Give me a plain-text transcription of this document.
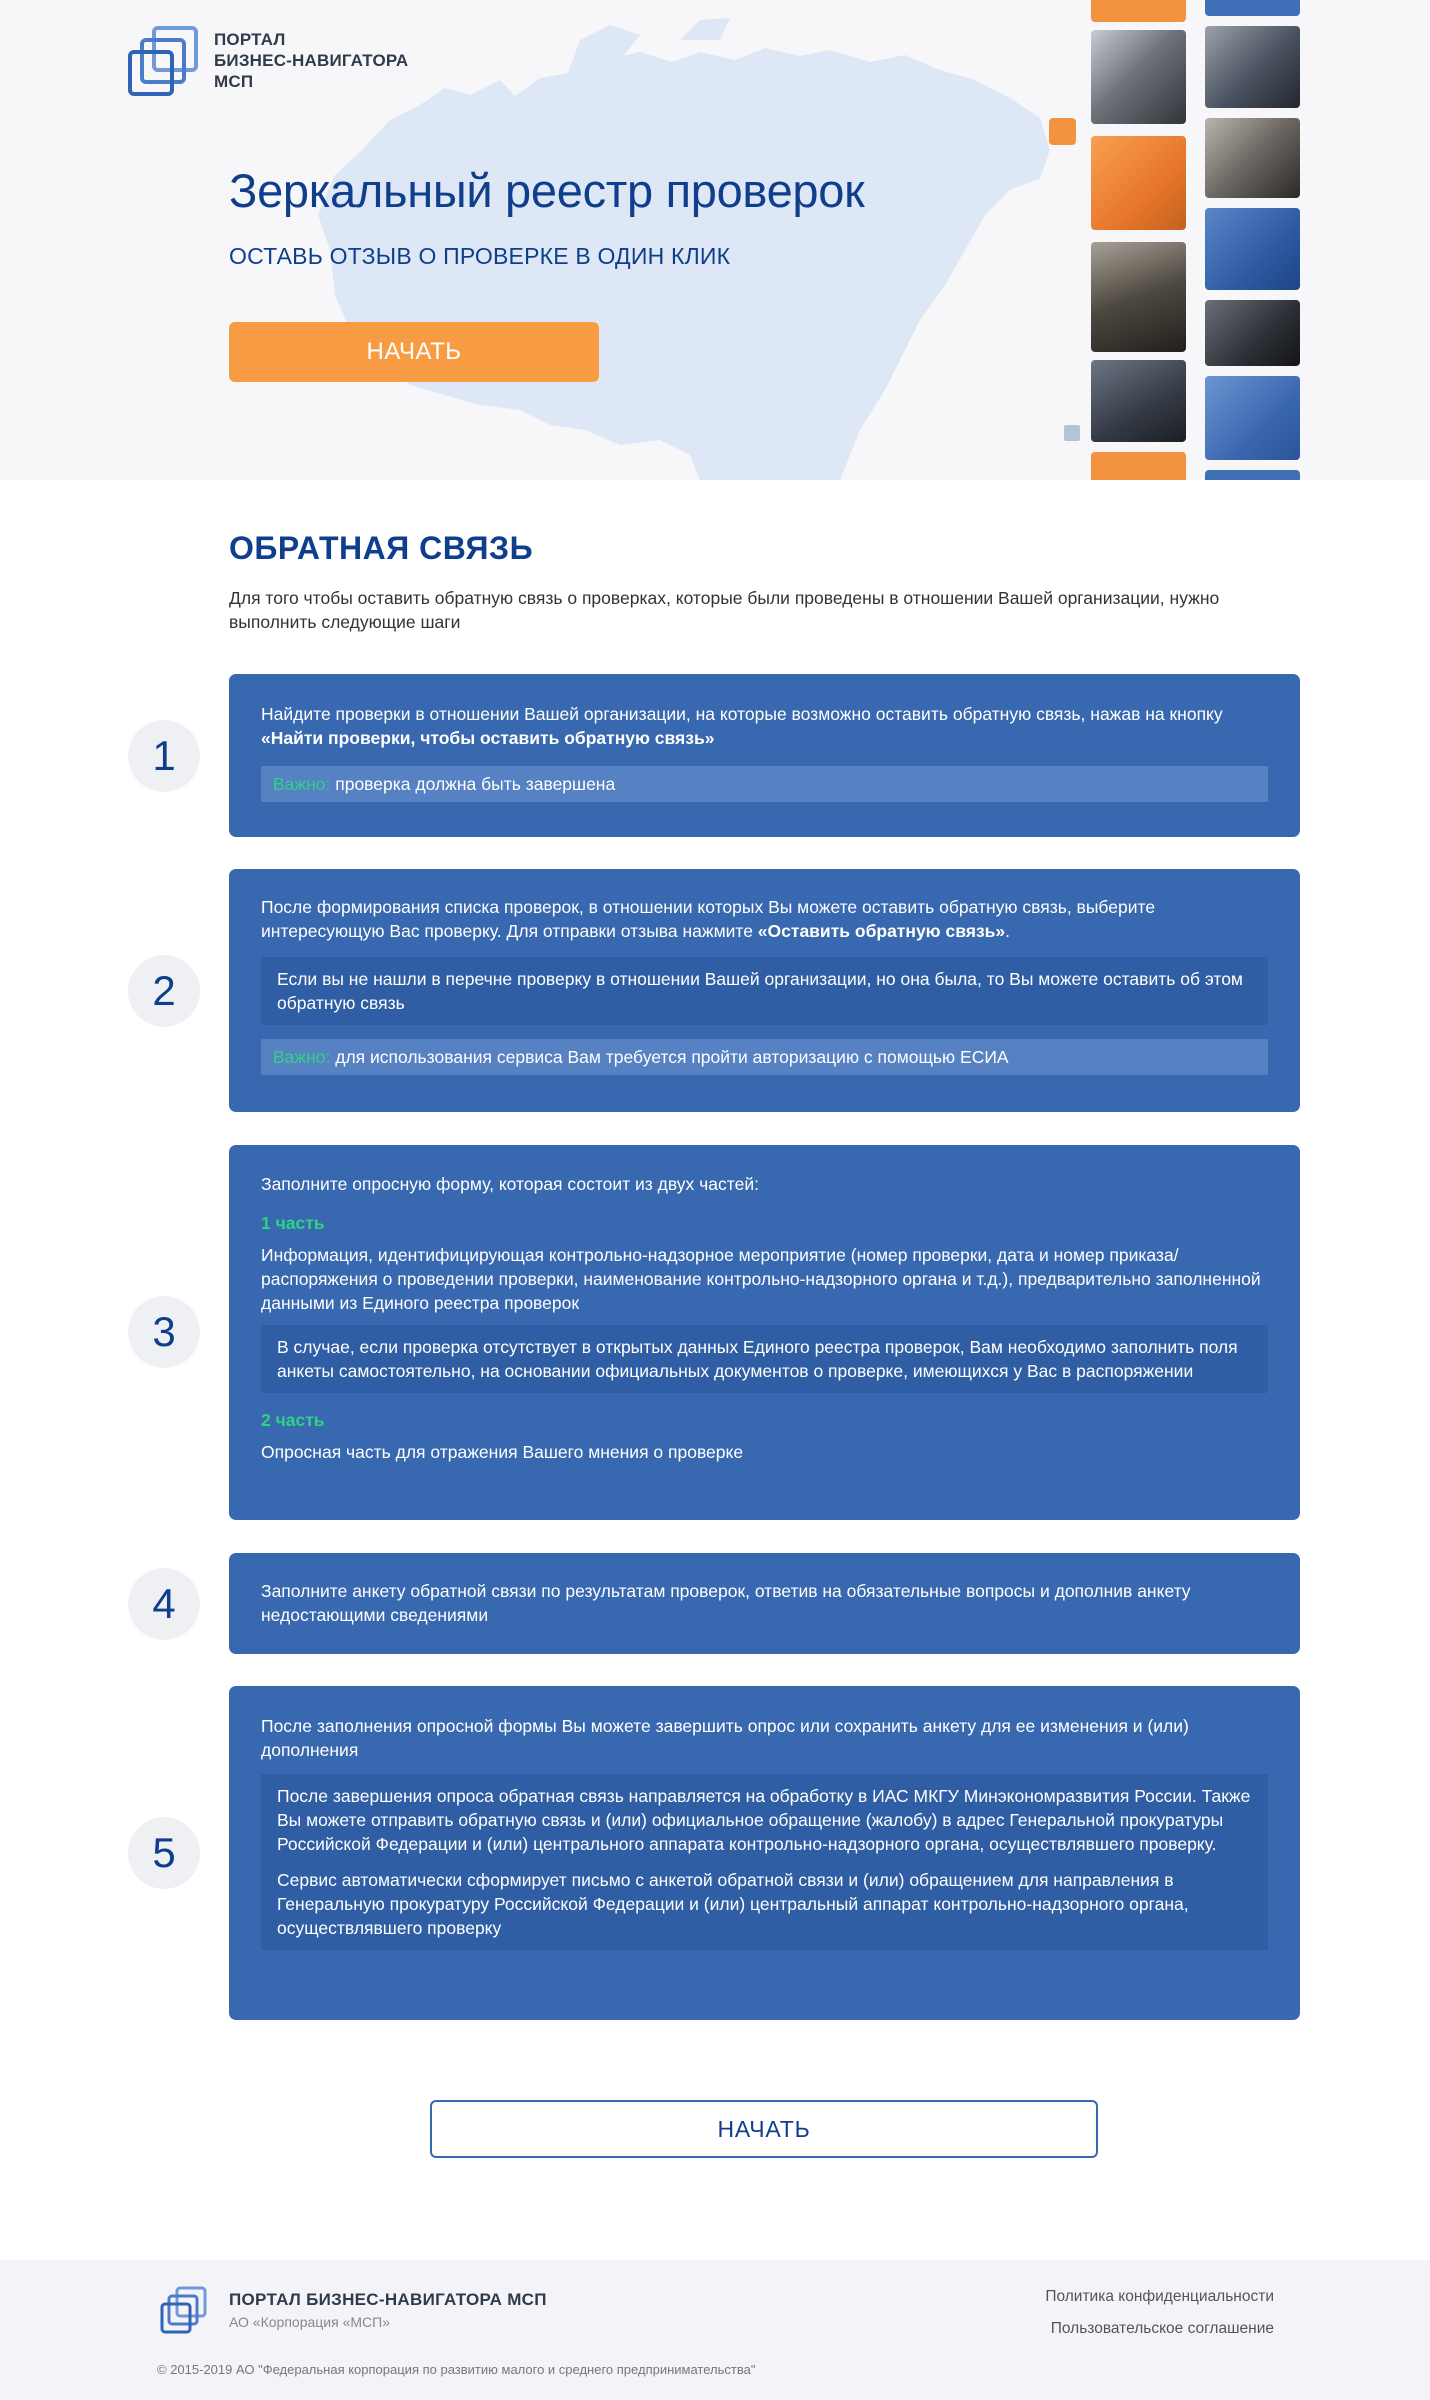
ПОРТАЛ
БИЗНЕС-НАВИГАТОРА
МСП
Зеркальный реестр проверок
ОСТАВЬ ОТЗЫВ О ПРОВЕРКЕ В ОДИН КЛИК
НАЧАТЬ
ОБРАТНАЯ СВЯЗЬ

Для того чтобы оставить обратную связь о проверках, которые были проведены в отношении Вашей организации, нужно выполнить следующие шаги

1

Найдите проверки в отношении Вашей организации, на которые возможно оставить обратную связь, нажав на кнопку «Найти проверки, чтобы оставить обратную связь»

Важно: проверка должна быть завершена
2

После формирования списка проверок, в отношении которых Вы можете оставить обратную связь, выберите интересующую Вас проверку. Для отправки отзыва нажмите «Оставить обратную связь».

Если вы не нашли в перечне проверку в отношении Вашей организации, но она была, то Вы можете оставить об этом обратную связь
Важно: для использования сервиса Вам требуется пройти авторизацию с помощью ЕСИА
3

Заполните опросную форму, которая состоит из двух частей:

1 часть

Информация, идентифицирующая контрольно-надзорное мероприятие (номер проверки, дата и номер приказа/распоряжения о проведении проверки, наименование контрольно-надзорного органа и т.д.), предварительно заполненной данными из Единого реестра проверок

В случае, если проверка отсутствует в открытых данных Единого реестра проверок, Вам необходимо заполнить поля анкеты самостоятельно, на основании официальных документов о проверке, имеющихся у Вас в распоряжении

2 часть

Опросная часть для отражения Вашего мнения о проверке

4	Заполните анкету обратной связи по результатам проверок, ответив на обязательные вопросы и дополнив анкету недостающими сведениями

5

После заполнения опросной формы Вы можете завершить опрос или сохранить анкету для ее изменения и (или) дополнения

После завершения опроса обратная связь направляется на обработку в ИАС МКГУ Минэкономразвития России. Также Вы можете отправить обратную связь и (или) официальное обращение (жалобу) в адрес Генеральной прокуратуры Российской Федерации и (или) центрального аппарата контрольно-надзорного органа, осуществлявшего проверку.

Сервис автоматически сформирует письмо с анкетой обратной связи и (или) обращением для направления в Генеральную прокуратуру Российской Федерации и (или) центральный аппарат контрольно-надзорного органа, осуществлявшего проверку

НАЧАТЬ
ПОРТАЛ БИЗНЕС-НАВИГАТОРА МСП
АО «Корпорация «МСП»
Политика конфиденциальности
Пользовательское соглашение
© 2015-2019 АО "Федеральная корпорация по развитию малого и среднего предпринимательства"
